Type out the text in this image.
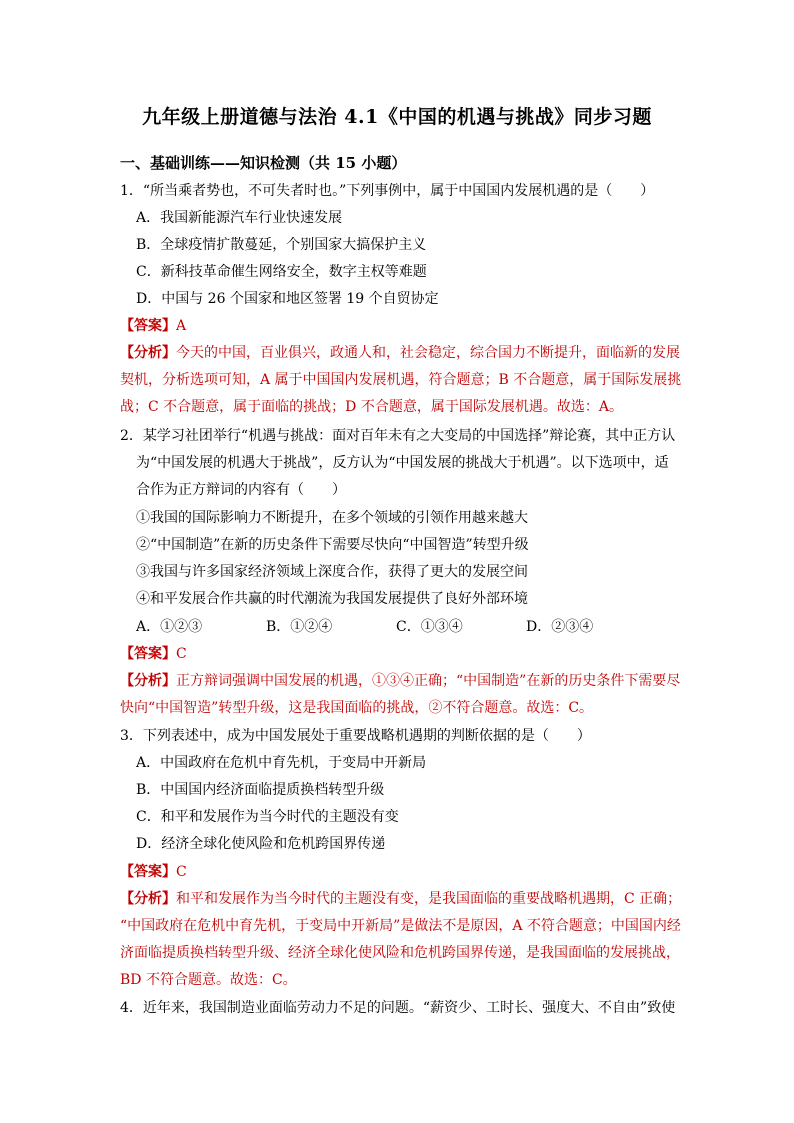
九年级上册道德与法治 4.1《中国的机遇与挑战》同步习题
一、基础训练——知识检测（共 15 小题）
1．“所当乘者势也，不可失者时也。”下列事例中，属于中国国内发展机遇的是（　　）
A．我国新能源汽车行业快速发展
B．全球疫情扩散蔓延，个别国家大搞保护主义
C．新科技革命催生网络安全，数字主权等难题
D．中国与 26 个国家和地区签署 19 个自贸协定
【答案】A
【分析】今天的中国，百业俱兴，政通人和，社会稳定，综合国力不断提升，面临新的发展
契机，分析选项可知，A 属于中国国内发展机遇，符合题意；B 不合题意，属于国际发展挑
战；C 不合题意，属于面临的挑战；D 不合题意，属于国际发展机遇。故选：A。
2．某学习社团举行“机遇与挑战：面对百年未有之大变局的中国选择”辩论赛，其中正方认
为“中国发展的机遇大于挑战”，反方认为“中国发展的挑战大于机遇”。以下选项中，适
合作为正方辩词的内容有（　　）
①我国的国际影响力不断提升，在多个领域的引领作用越来越大
②“中国制造”在新的历史条件下需要尽快向“中国智造”转型升级
③我国与许多国家经济领域上深度合作，获得了更大的发展空间
④和平发展合作共赢的时代潮流为我国发展提供了良好外部环境
A．①②③	B．①②④	C．①③④	D．②③④
【答案】C
【分析】正方辩词强调中国发展的机遇，①③④正确；“中国制造”在新的历史条件下需要尽
快向“中国智造”转型升级，这是我国面临的挑战，②不符合题意。故选：C。
3．下列表述中，成为中国发展处于重要战略机遇期的判断依据的是（　　）
A．中国政府在危机中育先机，于变局中开新局
B．中国国内经济面临提质换档转型升级
C．和平和发展作为当今时代的主题没有变
D．经济全球化使风险和危机跨国界传递
【答案】C
【分析】和平和发展作为当今时代的主题没有变，是我国面临的重要战略机遇期，C 正确；
“中国政府在危机中育先机，于变局中开新局”是做法不是原因，A 不符合题意；中国国内经
济面临提质换档转型升级、经济全球化使风险和危机跨国界传递，是我国面临的发展挑战，
BD 不符合题意。故选：C。
4．近年来，我国制造业面临劳动力不足的问题。“薪资少、工时长、强度大、不自由”致使
